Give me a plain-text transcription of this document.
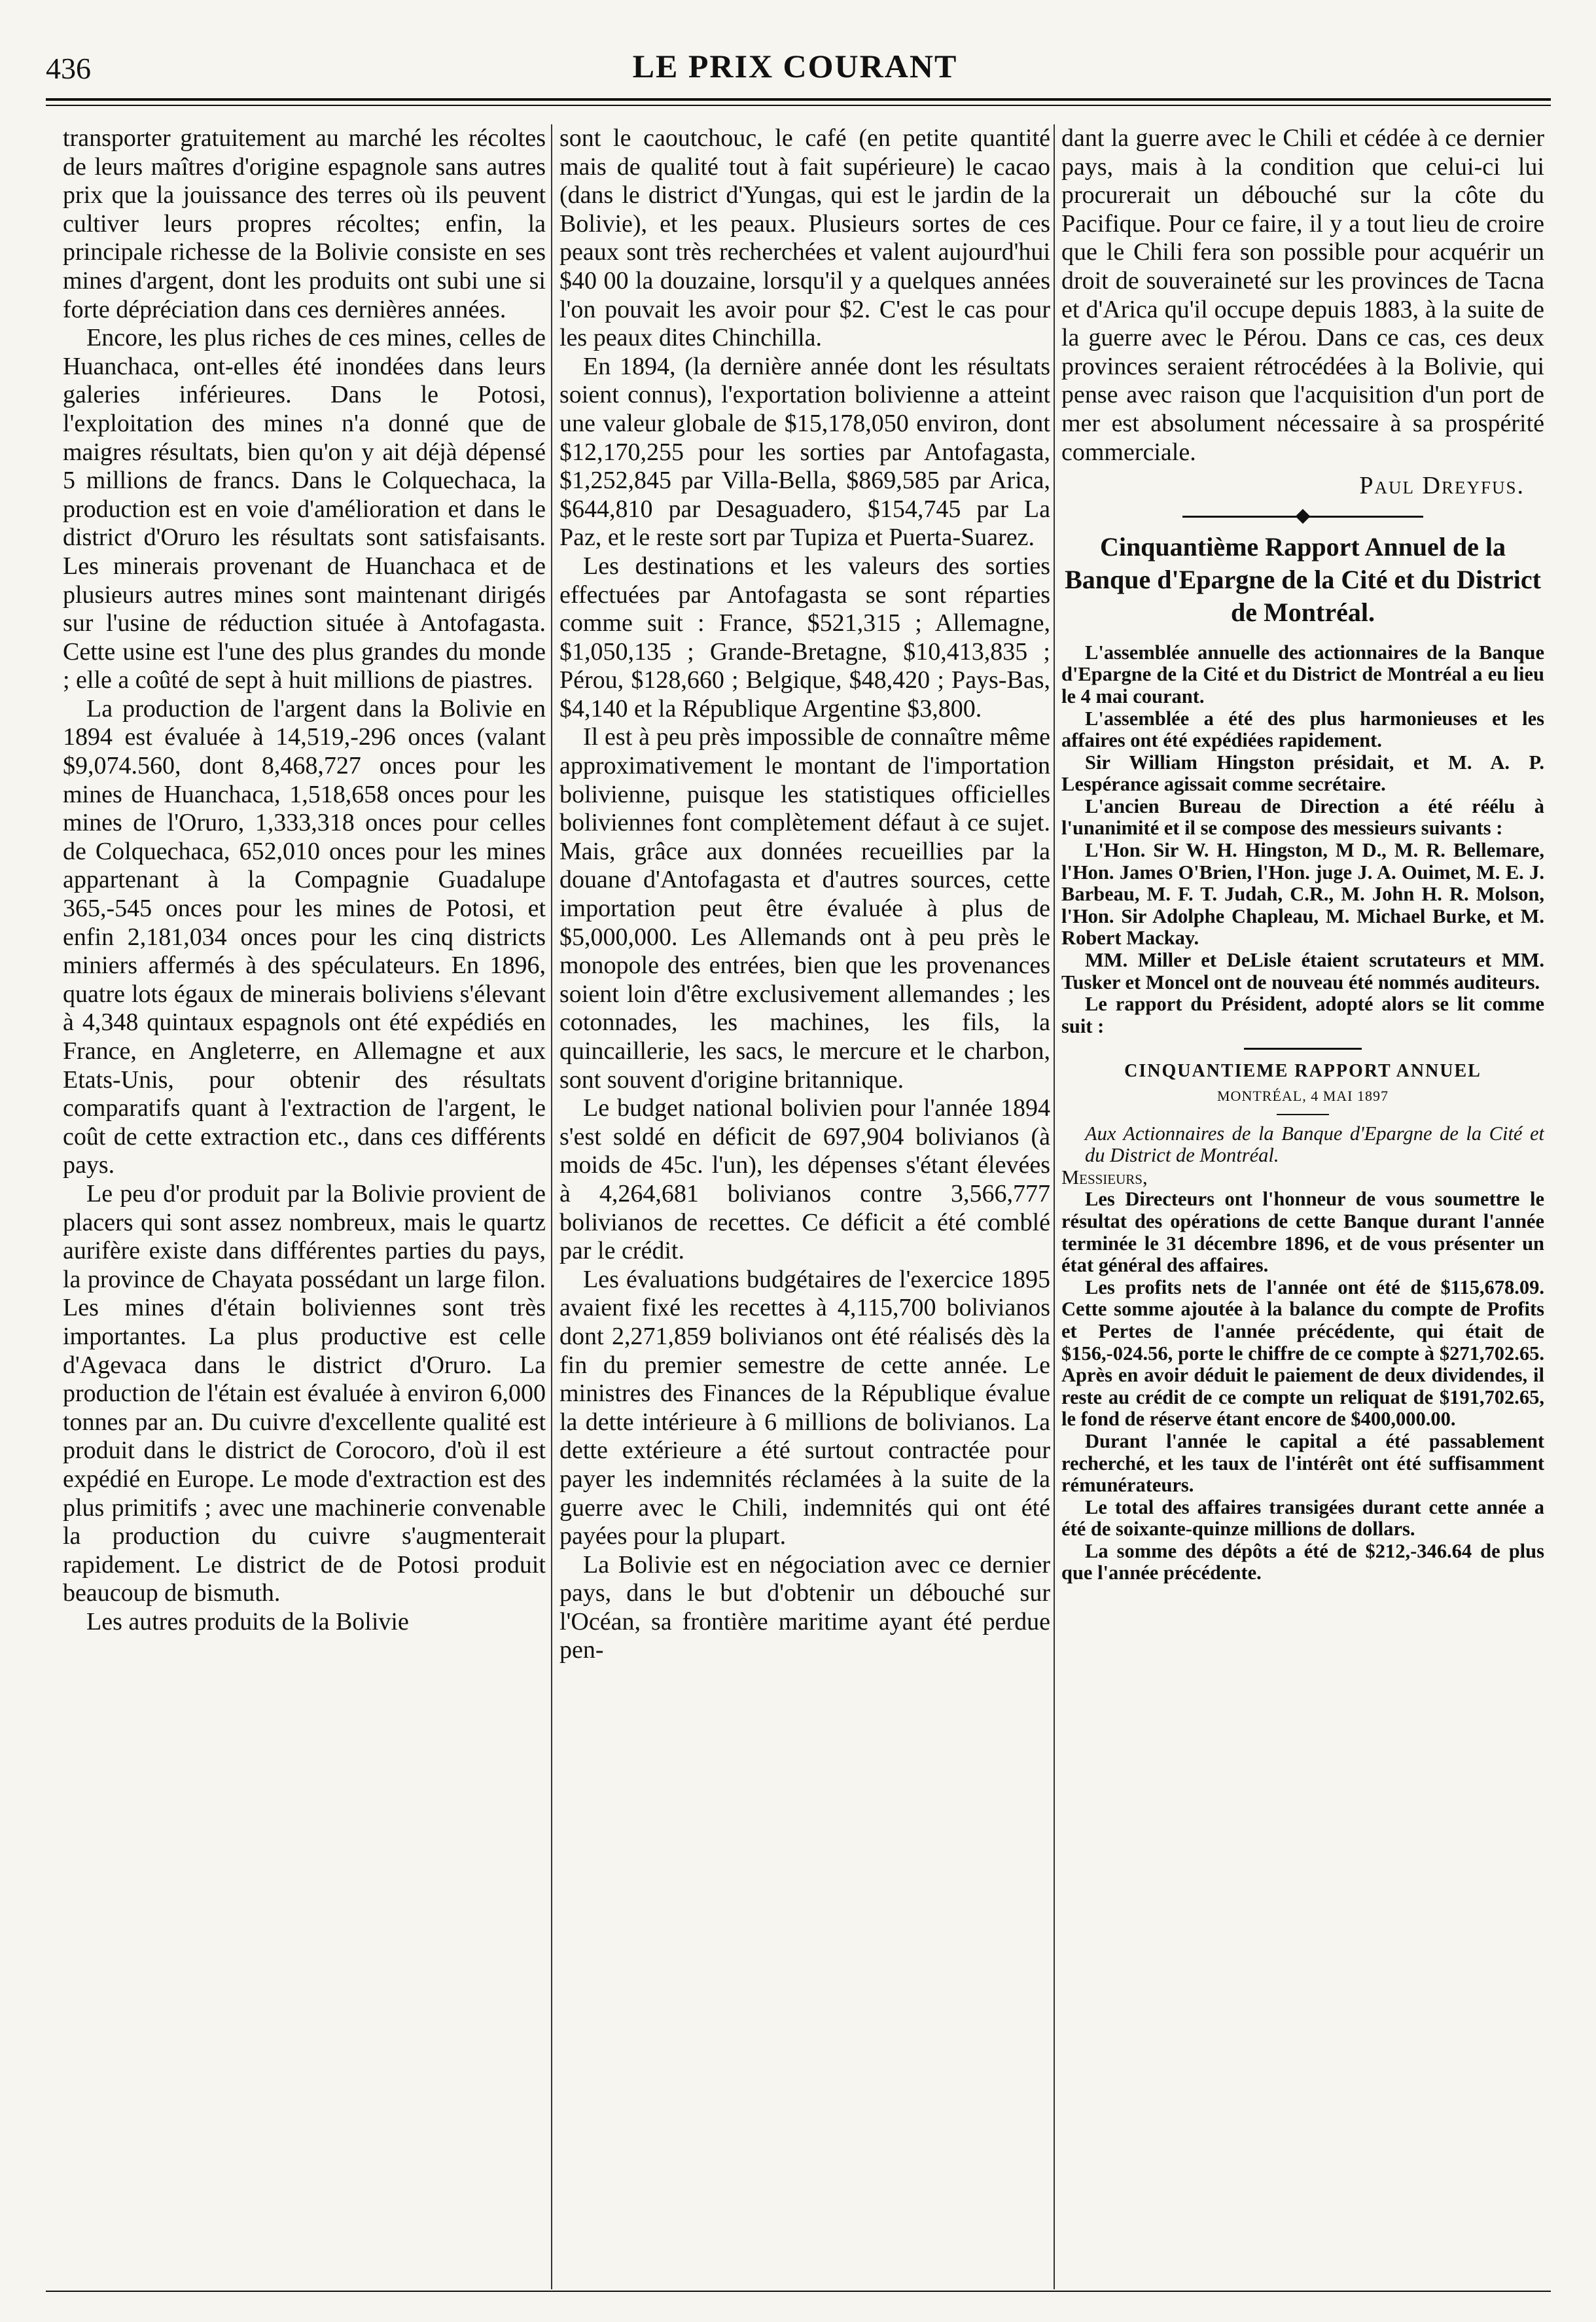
436	LE PRIX COURANT

transporter gratuitement au marché les récoltes de leurs maîtres d'origine espagnole sans autres prix que la jouissance des terres où ils peuvent cultiver leurs propres récoltes; enfin, la principale richesse de la Bolivie consiste en ses mines d'argent, dont les produits ont subi une si forte dépréciation dans ces dernières années.

Encore, les plus riches de ces mines, celles de Huanchaca, ont-elles été inondées dans leurs galeries inférieures. Dans le Potosi, l'exploitation des mines n'a donné que de maigres résultats, bien qu'on y ait déjà dépensé 5 millions de francs. Dans le Colquechaca, la production est en voie d'amélioration et dans le district d'Oruro les résultats sont satisfaisants. Les minerais provenant de Huanchaca et de plusieurs autres mines sont maintenant dirigés sur l'usine de réduction située à Antofagasta. Cette usine est l'une des plus grandes du monde ; elle a coûté de sept à huit millions de piastres.

La production de l'argent dans la Bolivie en 1894 est évaluée à 14,519,-296 onces (valant $9,074.560, dont 8,468,727 onces pour les mines de Huanchaca, 1,518,658 onces pour les mines de l'Oruro, 1,333,318 onces pour celles de Colquechaca, 652,010 onces pour les mines appartenant à la Compagnie Guadalupe 365,-545 onces pour les mines de Potosi, et enfin 2,181,034 onces pour les cinq districts miniers affermés à des spéculateurs. En 1896, quatre lots égaux de minerais boliviens s'élevant à 4,348 quintaux espagnols ont été expédiés en France, en Angleterre, en Allemagne et aux Etats-Unis, pour obtenir des résultats comparatifs quant à l'extraction de l'argent, le coût de cette extraction etc., dans ces différents pays.

Le peu d'or produit par la Bolivie provient de placers qui sont assez nombreux, mais le quartz aurifère existe dans différentes parties du pays, la province de Chayata possédant un large filon. Les mines d'étain boliviennes sont très importantes. La plus productive est celle d'Agevaca dans le district d'Oruro. La production de l'étain est évaluée à environ 6,000 tonnes par an. Du cuivre d'excellente qualité est produit dans le district de Corocoro, d'où il est expédié en Europe. Le mode d'extraction est des plus primitifs ; avec une machinerie convenable la production du cuivre s'augmenterait rapidement. Le district de de Potosi produit beaucoup de bismuth.

Les autres produits de la Bolivie

sont le caoutchouc, le café (en petite quantité mais de qualité tout à fait supérieure) le cacao (dans le district d'Yungas, qui est le jardin de la Bolivie), et les peaux. Plusieurs sortes de ces peaux sont très recherchées et valent aujourd'hui $40 00 la douzaine, lorsqu'il y a quelques années l'on pouvait les avoir pour $2. C'est le cas pour les peaux dites Chinchilla.

En 1894, (la dernière année dont les résultats soient connus), l'exportation bolivienne a atteint une valeur globale de $15,178,050 environ, dont $12,170,255 pour les sorties par Antofagasta, $1,252,845 par Villa-Bella, $869,585 par Arica, $644,810 par Desaguadero, $154,745 par La Paz, et le reste sort par Tupiza et Puerta-Suarez.

Les destinations et les valeurs des sorties effectuées par Antofagasta se sont réparties comme suit : France, $521,315 ; Allemagne, $1,050,135 ; Grande-Bretagne, $10,413,835 ; Pérou, $128,660 ; Belgique, $48,420 ; Pays-Bas, $4,140 et la République Argentine $3,800.

Il est à peu près impossible de connaître même approximativement le montant de l'importation bolivienne, puisque les statistiques officielles boliviennes font complètement défaut à ce sujet. Mais, grâce aux données recueillies par la douane d'Antofagasta et d'autres sources, cette importation peut être évaluée à plus de $5,000,000. Les Allemands ont à peu près le monopole des entrées, bien que les provenances soient loin d'être exclusivement allemandes ; les cotonnades, les machines, les fils, la quincaillerie, les sacs, le mercure et le charbon, sont souvent d'origine britannique.

Le budget national bolivien pour l'année 1894 s'est soldé en déficit de 697,904 bolivianos (à moids de 45c. l'un), les dépenses s'étant élevées à 4,264,681 bolivianos contre 3,566,777 bolivianos de recettes. Ce déficit a été comblé par le crédit.

Les évaluations budgétaires de l'exercice 1895 avaient fixé les recettes à 4,115,700 bolivianos dont 2,271,859 bolivianos ont été réalisés dès la fin du premier semestre de cette année. Le ministres des Finances de la République évalue la dette intérieure à 6 millions de bolivianos. La dette extérieure a été surtout contractée pour payer les indemnités réclamées à la suite de la guerre avec le Chili, indemnités qui ont été payées pour la plupart.

La Bolivie est en négociation avec ce dernier pays, dans le but d'obtenir un débouché sur l'Océan, sa frontière maritime ayant été perdue pen-

dant la guerre avec le Chili et cédée à ce dernier pays, mais à la condition que celui-ci lui procurerait un débouché sur la côte du Pacifique. Pour ce faire, il y a tout lieu de croire que le Chili fera son possible pour acquérir un droit de souveraineté sur les provinces de Tacna et d'Arica qu'il occupe depuis 1883, à la suite de la guerre avec le Pérou. Dans ce cas, ces deux provinces seraient rétrocédées à la Bolivie, qui pense avec raison que l'acquisition d'un port de mer est absolument nécessaire à sa prospérité commerciale.

Paul Dreyfus.
Cinquantième Rapport Annuel de la Banque d'Epargne de la Cité et du District de Montréal.

L'assemblée annuelle des actionnaires de la Banque d'Epargne de la Cité et du District de Montréal a eu lieu le 4 mai courant.

L'assemblée a été des plus harmonieuses et les affaires ont été expédiées rapidement.

Sir William Hingston présidait, et M. A. P. Lespérance agissait comme secrétaire.

L'ancien Bureau de Direction a été réélu à l'unanimité et il se compose des messieurs suivants :

L'Hon. Sir W. H. Hingston, M D., M. R. Bellemare, l'Hon. James O'Brien, l'Hon. juge J. A. Ouimet, M. E. J. Barbeau, M. F. T. Judah, C.R., M. John H. R. Molson, l'Hon. Sir Adolphe Chapleau, M. Michael Burke, et M. Robert Mackay.

MM. Miller et DeLisle étaient scrutateurs et MM. Tusker et Moncel ont de nouveau été nommés auditeurs.

Le rapport du Président, adopté alors se lit comme suit :

CINQUANTIEME RAPPORT ANNUEL
MONTRÉAL, 4 MAI 1897

Aux Actionnaires de la Banque d'Epargne de la Cité et du District de Montréal.

Messieurs,

Les Directeurs ont l'honneur de vous soumettre le résultat des opérations de cette Banque durant l'année terminée le 31 décembre 1896, et de vous présenter un état général des affaires.

Les profits nets de l'année ont été de $115,678.09. Cette somme ajoutée à la balance du compte de Profits et Pertes de l'année précédente, qui était de $156,-024.56, porte le chiffre de ce compte à $271,702.65. Après en avoir déduit le paiement de deux dividendes, il reste au crédit de ce compte un reliquat de $191,702.65, le fond de réserve étant encore de $400,000.00.

Durant l'année le capital a été passablement recherché, et les taux de l'intérêt ont été suffisamment rémunérateurs.

Le total des affaires transigées durant cette année a été de soixante-quinze millions de dollars.

La somme des dépôts a été de $212,-346.64 de plus que l'année précédente.
